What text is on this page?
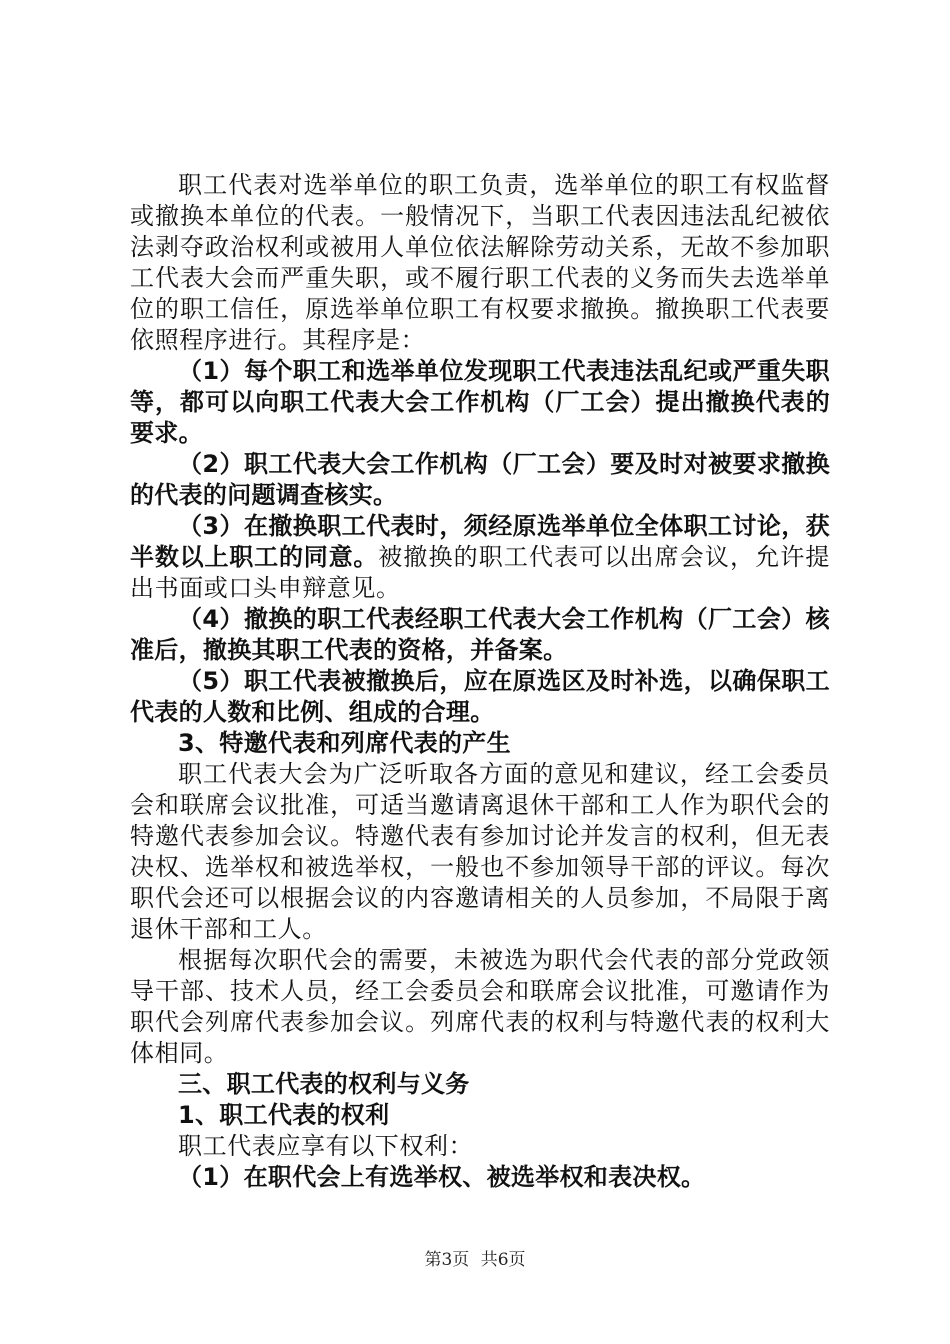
职工代表对选举单位的职工负责，选举单位的职工有权监督或撤换本单位的代表。一般情况下，当职工代表因违法乱纪被依法剥夺政治权利或被用人单位依法解除劳动关系，无故不参加职工代表大会而严重失职，或不履行职工代表的义务而失去选举单位的职工信任，原选举单位职工有权要求撤换。撤换职工代表要依照程序进行。其程序是：

（1）每个职工和选举单位发现职工代表违法乱纪或严重失职等，都可以向职工代表大会工作机构（厂工会）提出撤换代表的要求。

（2）职工代表大会工作机构（厂工会）要及时对被要求撤换的代表的问题调查核实。

（3）在撤换职工代表时，须经原选举单位全体职工讨论，获半数以上职工的同意。被撤换的职工代表可以出席会议，允许提出书面或口头申辩意见。

（4）撤换的职工代表经职工代表大会工作机构（厂工会）核准后，撤换其职工代表的资格，并备案。

（5）职工代表被撤换后，应在原选区及时补选，以确保职工代表的人数和比例、组成的合理。

3、特邀代表和列席代表的产生

职工代表大会为广泛听取各方面的意见和建议，经工会委员会和联席会议批准，可适当邀请离退休干部和工人作为职代会的特邀代表参加会议。特邀代表有参加讨论并发言的权利，但无表决权、选举权和被选举权，一般也不参加领导干部的评议。每次职代会还可以根据会议的内容邀请相关的人员参加，不局限于离退休干部和工人。

根据每次职代会的需要，未被选为职代会代表的部分党政领导干部、技术人员，经工会委员会和联席会议批准，可邀请作为职代会列席代表参加会议。列席代表的权利与特邀代表的权利大体相同。

三、职工代表的权利与义务

1、职工代表的权利

职工代表应享有以下权利：

（1）在职代会上有选举权、被选举权和表决权。

第3页 共6页
